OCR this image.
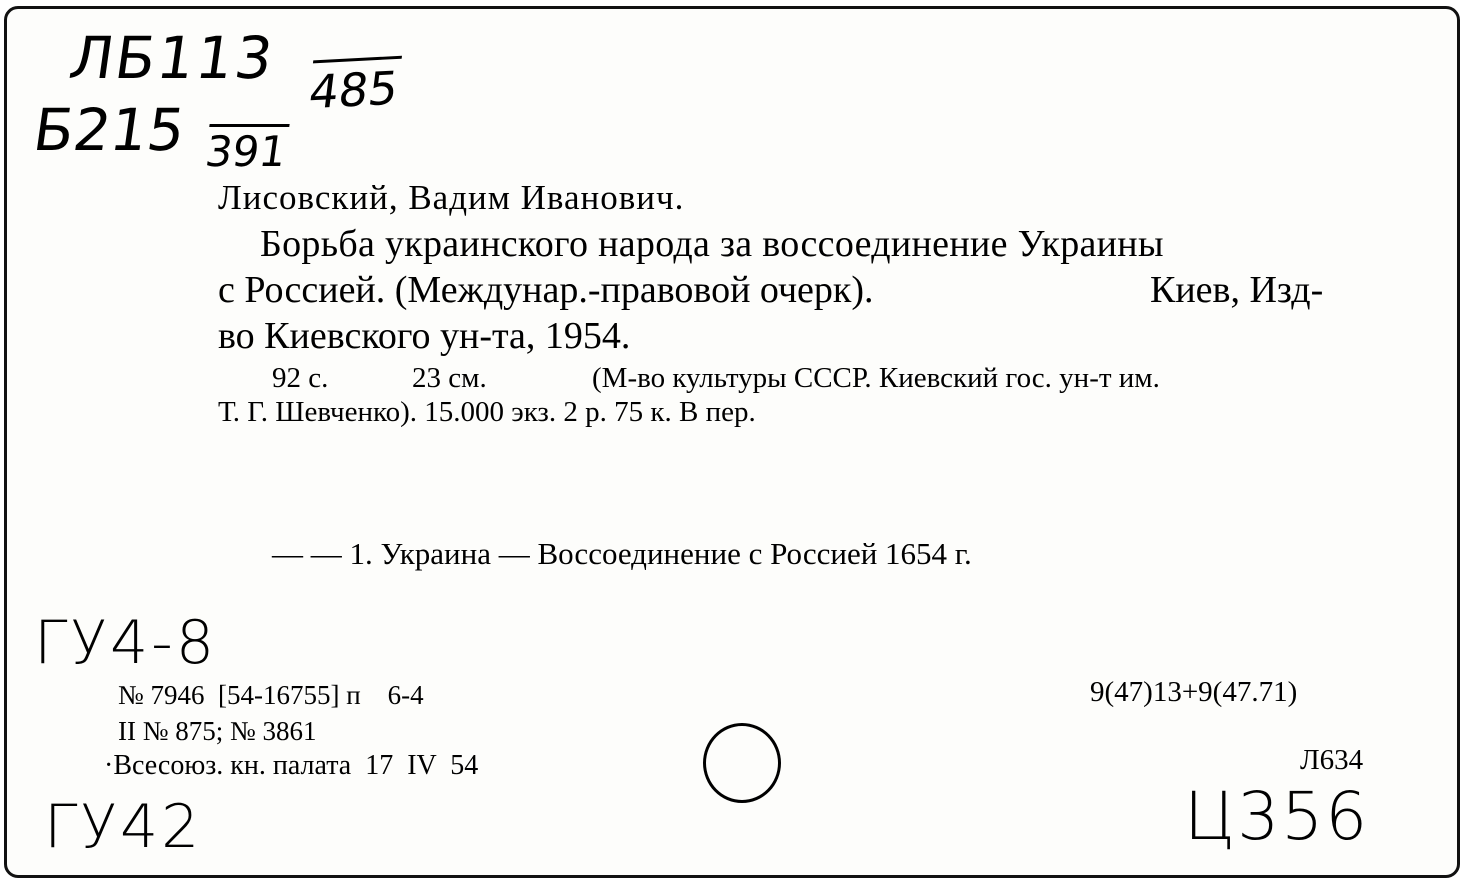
ЛБ113 485
Б215 391
Лисовский, Вадим Иванович.
Борьба украинского народа за воссоединение Украины
с Россией. (Междунар.-правовой очерк).	Киев, Изд-
во Киевского ун-та, 1954.
92 с.	23 см.	(М-во культуры СССР. Киевский гос. ун-т им.
Т. Г. Шевченко). 15.000 экз. 2 р. 75 к. В пер.
— — 1. Украина — Воссоединение с Россией 1654 г.
ГУ4-8
№ 7946  [54-16755] п    6-4	9(47)13+9(47.71)
II № 875; № 3861
·Всесоюз. кн. палата  17  IV  54	Л634
ГУ42	Ц356
